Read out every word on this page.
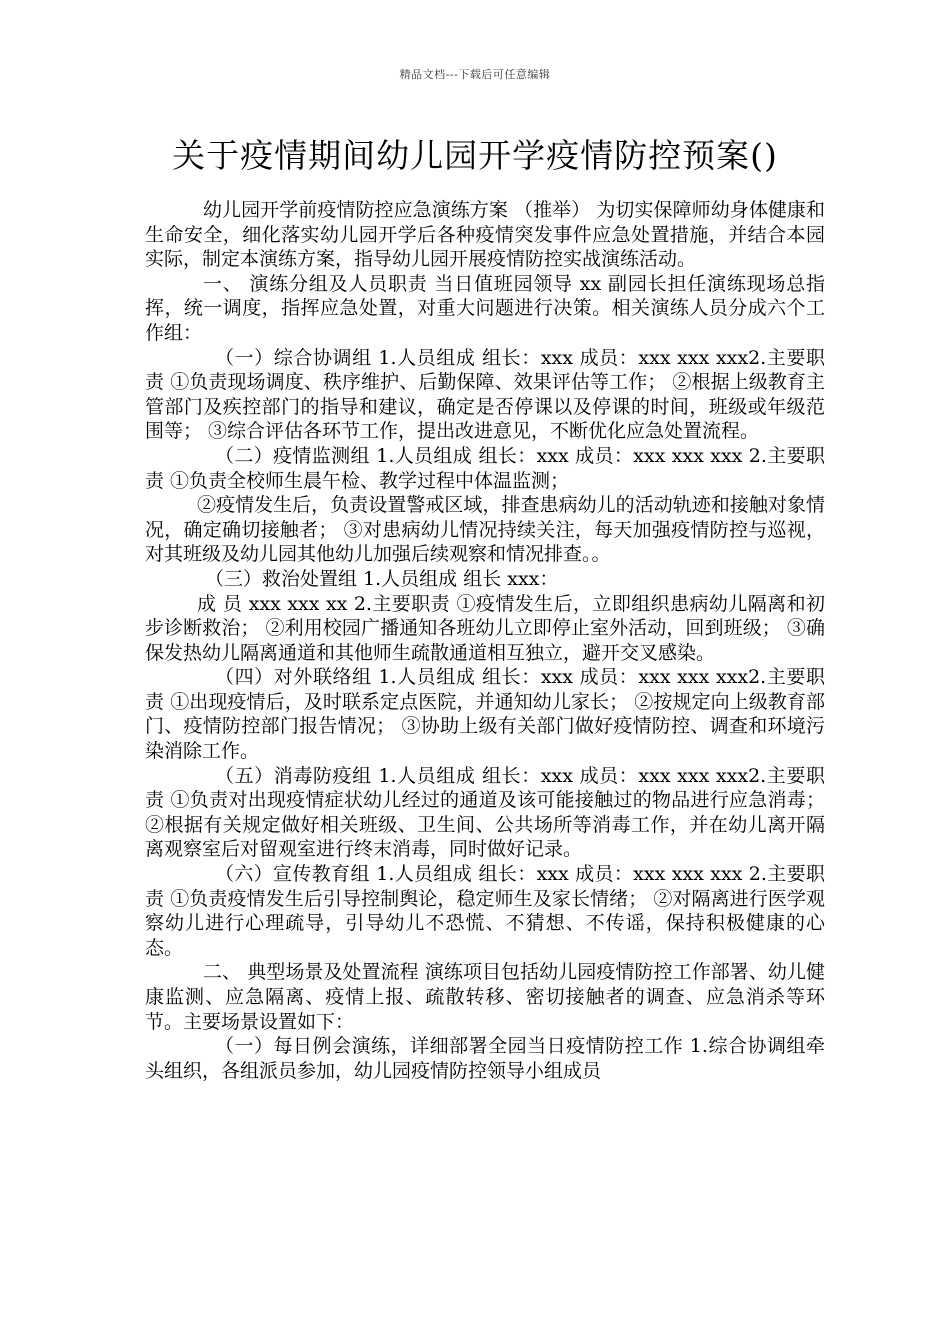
精品文档---下载后可任意编辑
关于疫情期间幼儿园开学疫情防控预案()

幼儿园开学前疫情防控应急演练方案 （推举） 为切实保障师幼身体健康和生命安全，细化落实幼儿园开学后各种疫情突发事件应急处置措施，并结合本园实际，制定本演练方案，指导幼儿园开展疫情防控实战演练活动。

一、 演练分组及人员职责 当日值班园领导 xx 副园长担任演练现场总指挥，统一调度，指挥应急处置，对重大问题进行决策。相关演练人员分成六个工作组：

（一）综合协调组 1.人员组成 组长：xxx 成员：xxx xxx xxx2.主要职责 ①负责现场调度、秩序维护、后勤保障、效果评估等工作； ②根据上级教育主管部门及疾控部门的指导和建议，确定是否停课以及停课的时间，班级或年级范围等； ③综合评估各环节工作，提出改进意见，不断优化应急处置流程。

（二）疫情监测组 1.人员组成 组长：xxx 成员：xxx xxx xxx 2.主要职责 ①负责全校师生晨午检、教学过程中体温监测；

②疫情发生后，负责设置警戒区域，排查患病幼儿的活动轨迹和接触对象情况，确定确切接触者； ③对患病幼儿情况持续关注，每天加强疫情防控与巡视，对其班级及幼儿园其他幼儿加强后续观察和情况排查。。

（三）救治处置组 1.人员组成 组长 xxx：

成 员 xxx xxx xx 2.主要职责 ①疫情发生后，立即组织患病幼儿隔离和初步诊断救治； ②利用校园广播通知各班幼儿立即停止室外活动，回到班级； ③确保发热幼儿隔离通道和其他师生疏散通道相互独立，避开交叉感染。

（四）对外联络组 1.人员组成 组长：xxx 成员：xxx xxx xxx2.主要职责 ①出现疫情后，及时联系定点医院，并通知幼儿家长； ②按规定向上级教育部门、疫情防控部门报告情况； ③协助上级有关部门做好疫情防控、调查和环境污染消除工作。

（五）消毒防疫组 1.人员组成 组长：xxx 成员：xxx xxx xxx2.主要职责 ①负责对出现疫情症状幼儿经过的通道及该可能接触过的物品进行应急消毒； ②根据有关规定做好相关班级、卫生间、公共场所等消毒工作，并在幼儿离开隔离观察室后对留观室进行终末消毒，同时做好记录。

（六）宣传教育组 1.人员组成 组长：xxx 成员：xxx xxx xxx 2.主要职责 ①负责疫情发生后引导控制舆论，稳定师生及家长情绪； ②对隔离进行医学观察幼儿进行心理疏导，引导幼儿不恐慌、不猜想、不传谣，保持积极健康的心态。

二、 典型场景及处置流程 演练项目包括幼儿园疫情防控工作部署、幼儿健康监测、应急隔离、疫情上报、疏散转移、密切接触者的调查、应急消杀等环节。主要场景设置如下：

（一）每日例会演练，详细部署全园当日疫情防控工作 1.综合协调组牵头组织，各组派员参加，幼儿园疫情防控领导小组成员
